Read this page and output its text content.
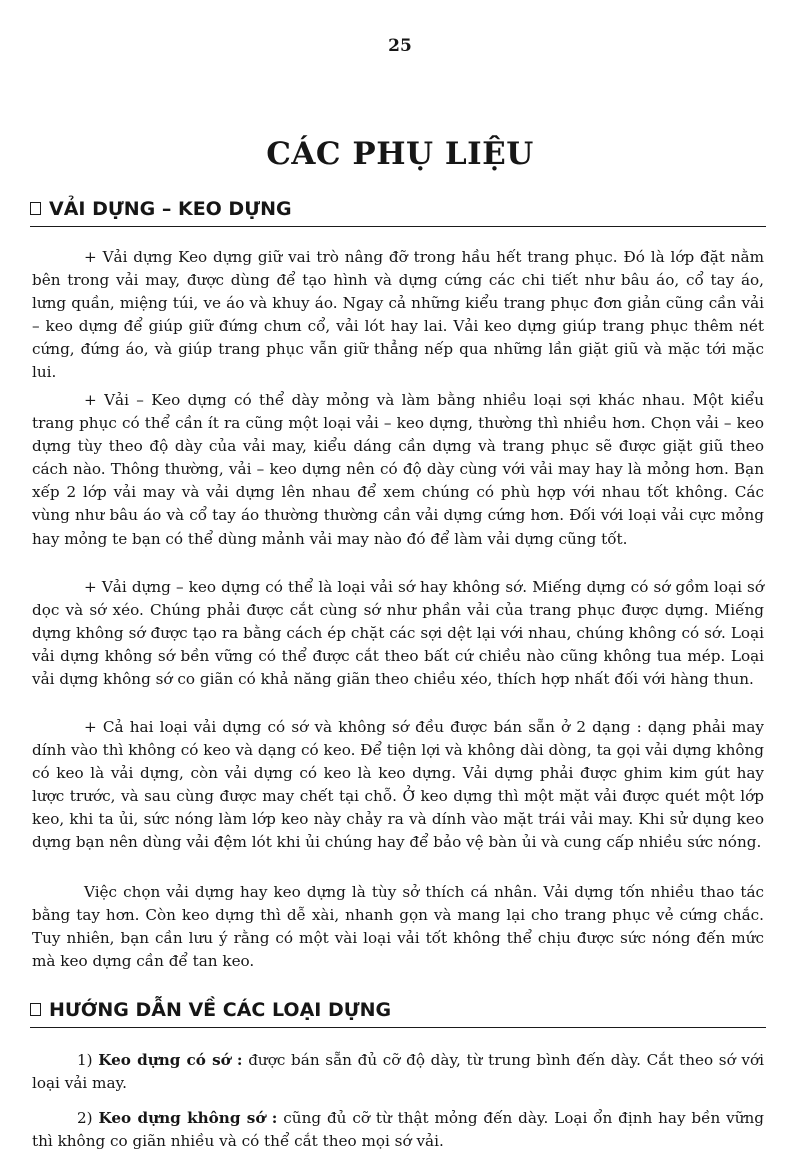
25
CÁC PHỤ LIỆU
VẢI DỰNG – KEO DỰNG

+ Vải dựng Keo dựng giữ vai trò nâng đỡ trong hầu hết trang phục. Đó là lớp đặt nằm bên trong vải may, được dùng để tạo hình và dựng cứng các chi tiết như bâu áo, cổ tay áo, lưng quần, miệng túi, ve áo và khuy áo. Ngay cả những kiểu trang phục đơn giản cũng cần vải – keo dựng để giúp giữ đứng chưn cổ, vải lót hay lai. Vải keo dựng giúp trang phục thêm nét cứng, đứng áo, và giúp trang phục vẫn giữ thẳng nếp qua những lần giặt giũ và mặc tới mặc lui.

+ Vải – Keo dựng có thể dày mỏng và làm bằng nhiều loại sợi khác nhau. Một kiểu trang phục có thể cần ít ra cũng một loại vải – keo dựng, thường thì nhiều hơn. Chọn vải – keo dựng tùy theo độ dày của vải may, kiểu dáng cần dựng và trang phục sẽ được giặt giũ theo cách nào. Thông thường, vải – keo dựng nên có độ dày cùng với vải may hay là mỏng hơn. Bạn xếp 2 lớp vải may và vải dựng lên nhau để xem chúng có phù hợp với nhau tốt không. Các vùng như bâu áo và cổ tay áo thường thường cần vải dựng cứng hơn. Đối với loại vải cực mỏng hay mỏng te bạn có thể dùng mảnh vải may nào đó để làm vải dựng cũng tốt.

+ Vải dựng – keo dựng có thể là loại vải sớ hay không sớ. Miếng dựng có sớ gồm loại sớ dọc và sớ xéo. Chúng phải được cắt cùng sớ như phần vải của trang phục được dựng. Miếng dựng không sớ được tạo ra bằng cách ép chặt các sợi dệt lại với nhau, chúng không có sớ. Loại vải dựng không sớ bền vững có thể được cắt theo bất cứ chiều nào cũng không tua mép. Loại vải dựng không sớ co giãn có khả năng giãn theo chiều xéo, thích hợp nhất đối với hàng thun.

+ Cả hai loại vải dựng có sớ và không sớ đều được bán sẵn ở 2 dạng : dạng phải may dính vào thì không có keo và dạng có keo. Để tiện lợi và không dài dòng, ta gọi vải dựng không có keo là vải dựng, còn vải dựng có keo là keo dựng. Vải dựng phải được ghim kim gút hay lược trước, và sau cùng được may chết tại chỗ. Ở keo dựng thì một mặt vải được quét một lớp keo, khi ta ủi, sức nóng làm lớp keo này chảy ra và dính vào mặt trái vải may. Khi sử dụng keo dựng bạn nên dùng vải đệm lót khi ủi chúng hay để bảo vệ bàn ủi và cung cấp nhiều sức nóng.

Việc chọn vải dựng hay keo dựng là tùy sở thích cá nhân. Vải dựng tốn nhiều thao tác bằng tay hơn. Còn keo dựng thì dễ xài, nhanh gọn và mang lại cho trang phục vẻ cứng chắc. Tuy nhiên, bạn cần lưu ý rằng có một vài loại vải tốt không thể chịu được sức nóng đến mức mà keo dựng cần để tan keo.

HƯỚNG DẪN VỀ CÁC LOẠI DỰNG

1) Keo dựng có sớ : được bán sẵn đủ cỡ độ dày, từ trung bình đến dày. Cắt theo sớ với loại vải may.

2) Keo dựng không sớ : cũng đủ cỡ từ thật mỏng đến dày. Loại ổn định hay bền vững thì không co giãn nhiều và có thể cắt theo mọi sớ vải.
